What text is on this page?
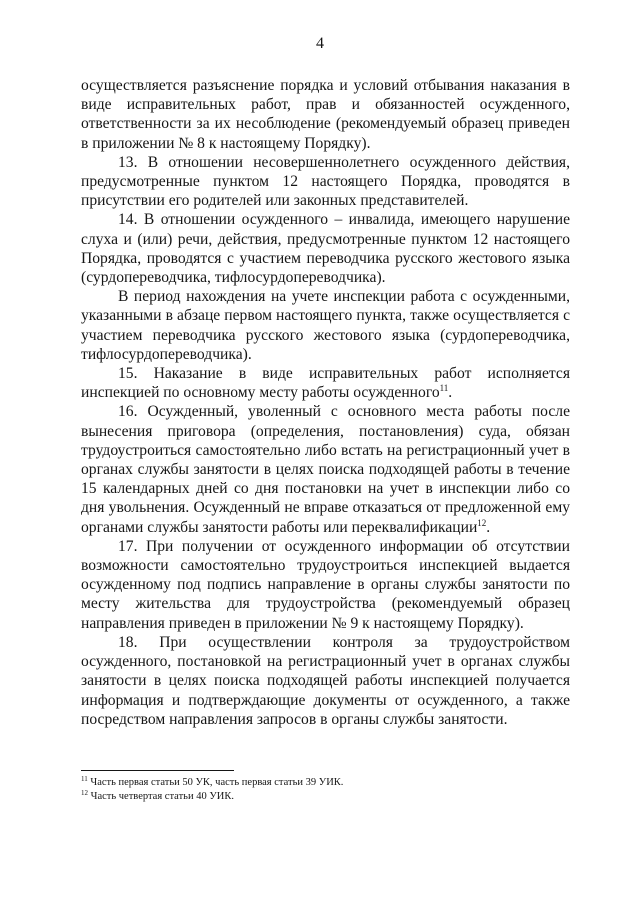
4

осуществляется разъяснение порядка и условий отбывания наказания в виде исправительных работ, прав и обязанностей осужденного, ответственности за их несоблюдение (рекомендуемый образец приведен в приложении № 8 к настоящему Порядку).

13. В отношении несовершеннолетнего осужденного действия, предусмотренные пунктом 12 настоящего Порядка, проводятся в присутствии его родителей или законных представителей.

14. В отношении осужденного – инвалида, имеющего нарушение слуха и (или) речи, действия, предусмотренные пунктом 12 настоящего Порядка, проводятся с участием переводчика русского жестового языка (сурдопереводчика, тифлосурдопереводчика).

В период нахождения на учете инспекции работа с осужденными, указанными в абзаце первом настоящего пункта, также осуществляется с участием переводчика русского жестового языка (сурдопереводчика, тифлосурдопереводчика).

15. Наказание в виде исправительных работ исполняется инспекцией по основному месту работы осужденного$^{11}$.

16. Осужденный, уволенный с основного места работы после вынесения приговора (определения, постановления) суда, обязан трудоустроиться самостоятельно либо встать на регистрационный учет в органах службы занятости в целях поиска подходящей работы в течение 15 календарных дней со дня постановки на учет в инспекции либо со дня увольнения. Осужденный не вправе отказаться от предложенной ему органами службы занятости работы или переквалификации$^{12}$.

17. При получении от осужденного информации об отсутствии возможности самостоятельно трудоустроиться инспекцией выдается осужденному под подпись направление в органы службы занятости по месту жительства для трудоустройства (рекомендуемый образец направления приведен в приложении № 9 к настоящему Порядку).

18. При осуществлении контроля за трудоустройством осужденного, постановкой на регистрационный учет в органах службы занятости в целях поиска подходящей работы инспекцией получается информация и подтверждающие документы от осужденного, а также посредством направления запросов в органы службы занятости.

$^{11}$ Часть первая статьи 50 УК, часть первая статьи 39 УИК.
$^{12}$ Часть четвертая статьи 40 УИК.
